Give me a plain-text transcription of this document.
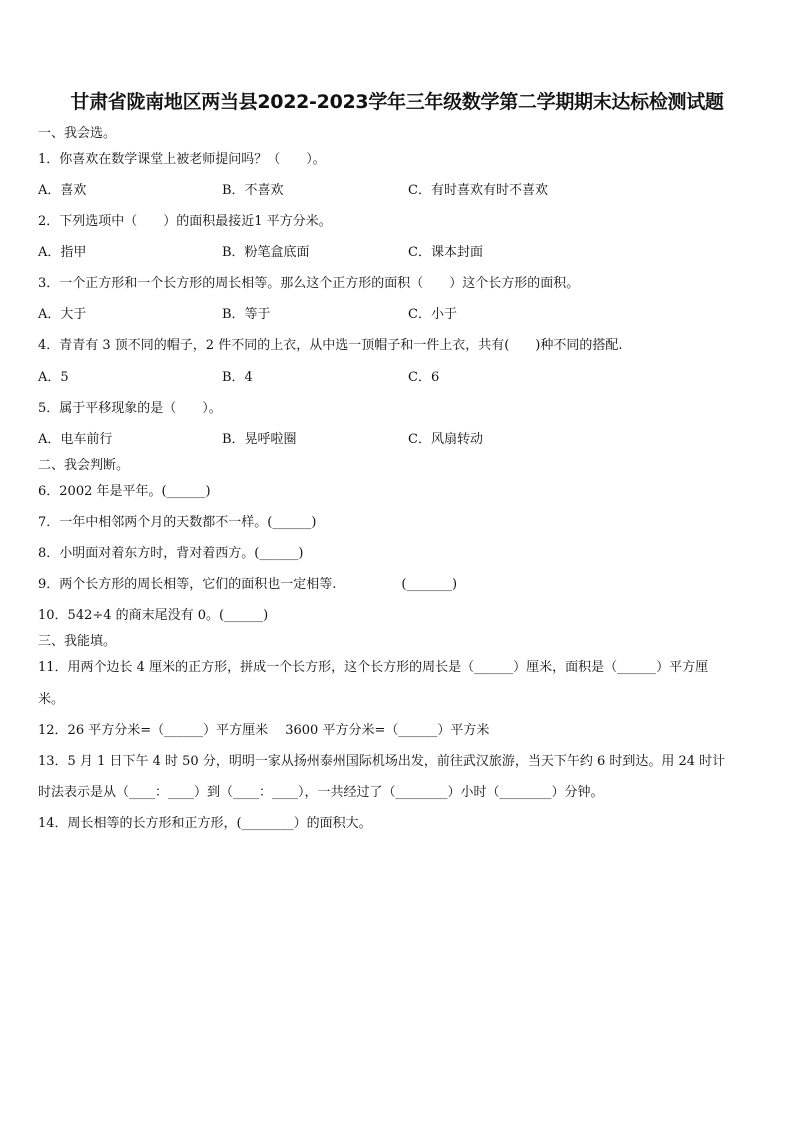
甘肃省陇南地区两当县2022-2023学年三年级数学第二学期期末达标检测试题
一、我会选。
1．你喜欢在数学课堂上被老师提问吗？（　　）。
A．喜欢	B．不喜欢	C．有时喜欢有时不喜欢
2．下列选项中（　　）的面积最接近1 平方分米。
A．指甲	B．粉笔盒底面	C．课本封面
3．一个正方形和一个长方形的周长相等。那么这个正方形的面积（　　）这个长方形的面积。
A．大于	B．等于	C．小于
4．青青有 3 顶不同的帽子，2 件不同的上衣，从中选一顶帽子和一件上衣，共有(　　)种不同的搭配.
A．5	B．4	C．6
5．属于平移现象的是（　　）。
A．电车前行	B．晃呼啦圈	C．风扇转动
二、我会判断。
6．2002 年是平年。(______)
7．一年中相邻两个月的天数都不一样。(______)
8．小明面对着东方时，背对着西方。(______)
9．两个长方形的周长相等，它们的面积也一定相等.　　　　　(_______)
10．542÷4 的商末尾没有 0。(______)
三、我能填。
11．用两个边长 4 厘米的正方形，拼成一个长方形，这个长方形的周长是（______）厘米，面积是（______）平方厘
米。
12．26 平方分米=（______）平方厘米　 3600 平方分米=（______）平方米
13．5 月 1 日下午 4 时 50 分，明明一家从扬州泰州国际机场出发，前往武汉旅游，当天下午约 6 时到达。用 24 时计
时法表示是从（____：____）到（____：____），一共经过了（________）小时（________）分钟。
14．周长相等的长方形和正方形，(________）的面积大。
